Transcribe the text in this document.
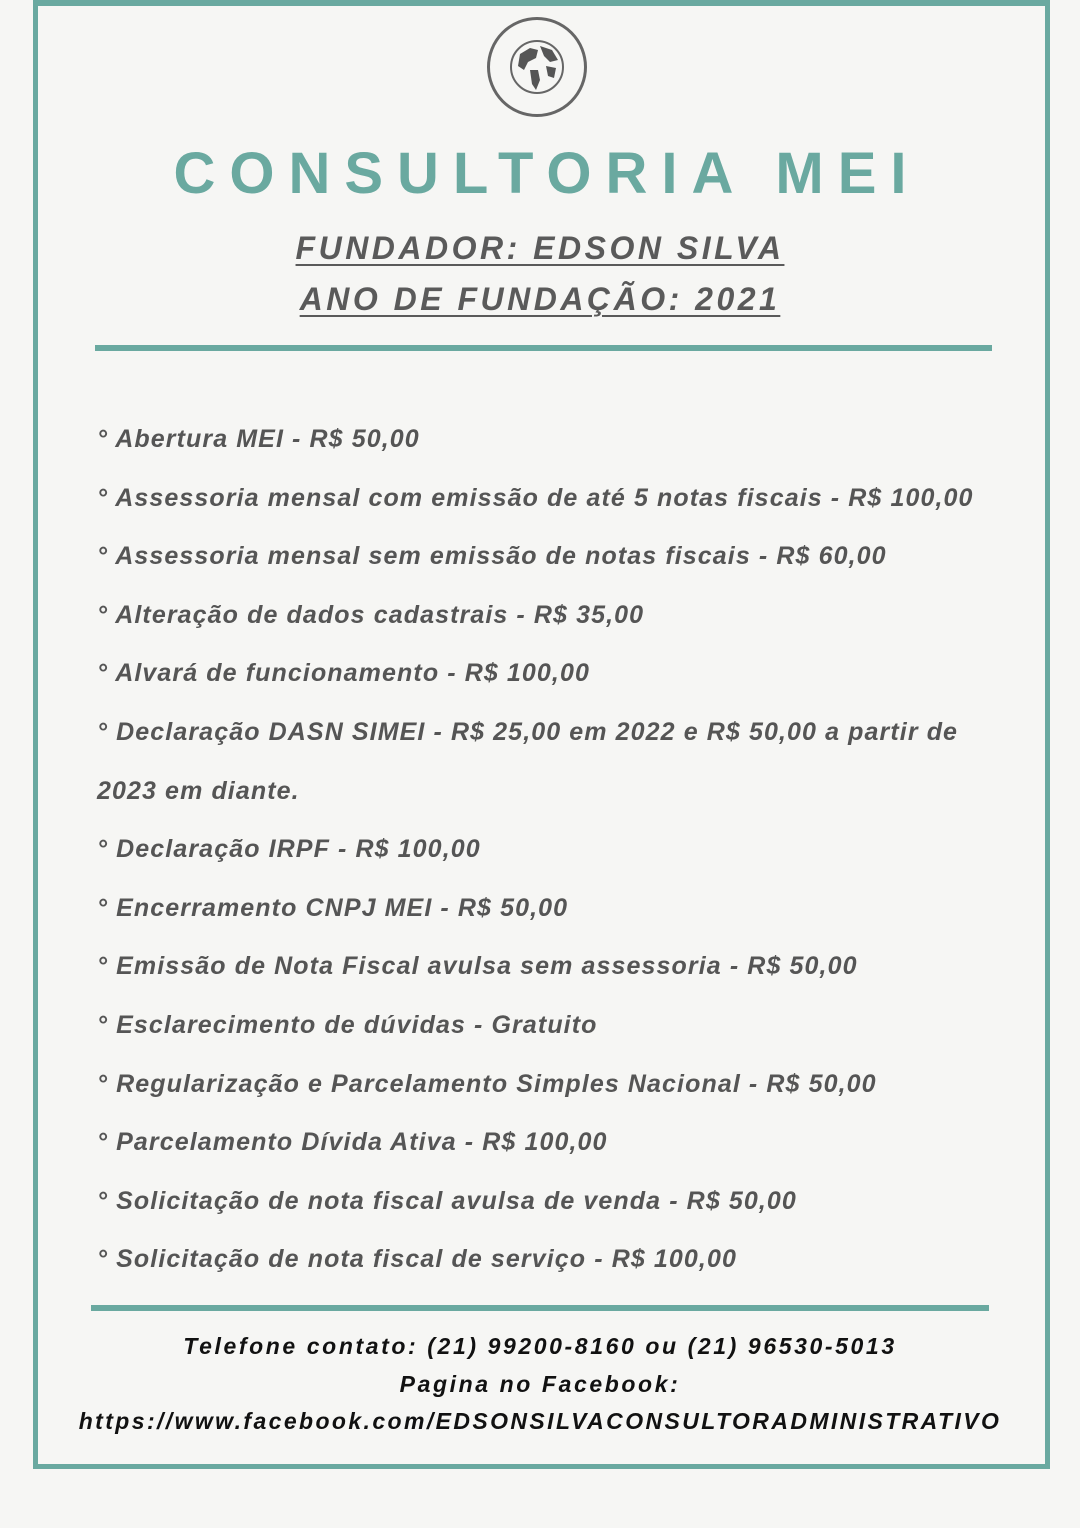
CONSULTORIA MEI
FUNDADOR: EDSON SILVA
ANO DE FUNDAÇÃO: 2021
° Abertura MEI - R$ 50,00
° Assessoria mensal com emissão de até 5 notas fiscais - R$ 100,00
° Assessoria mensal sem emissão de notas fiscais - R$ 60,00
° Alteração de dados cadastrais - R$ 35,00
° Alvará de funcionamento - R$ 100,00
° Declaração DASN SIMEI - R$ 25,00 em 2022 e R$ 50,00 a partir de 2023 em diante.
° Declaração IRPF - R$ 100,00
° Encerramento CNPJ MEI - R$ 50,00
° Emissão de Nota Fiscal avulsa sem assessoria - R$ 50,00
° Esclarecimento de dúvidas - Gratuito
° Regularização e Parcelamento Simples Nacional - R$ 50,00
° Parcelamento Dívida Ativa - R$ 100,00
° Solicitação de nota fiscal avulsa de venda - R$ 50,00
° Solicitação de nota fiscal de serviço - R$ 100,00
Telefone contato: (21) 99200-8160 ou (21) 96530-5013
Pagina no Facebook:
https://www.facebook.com/EDSONSILVACONSULTORADMINISTRATIVO
